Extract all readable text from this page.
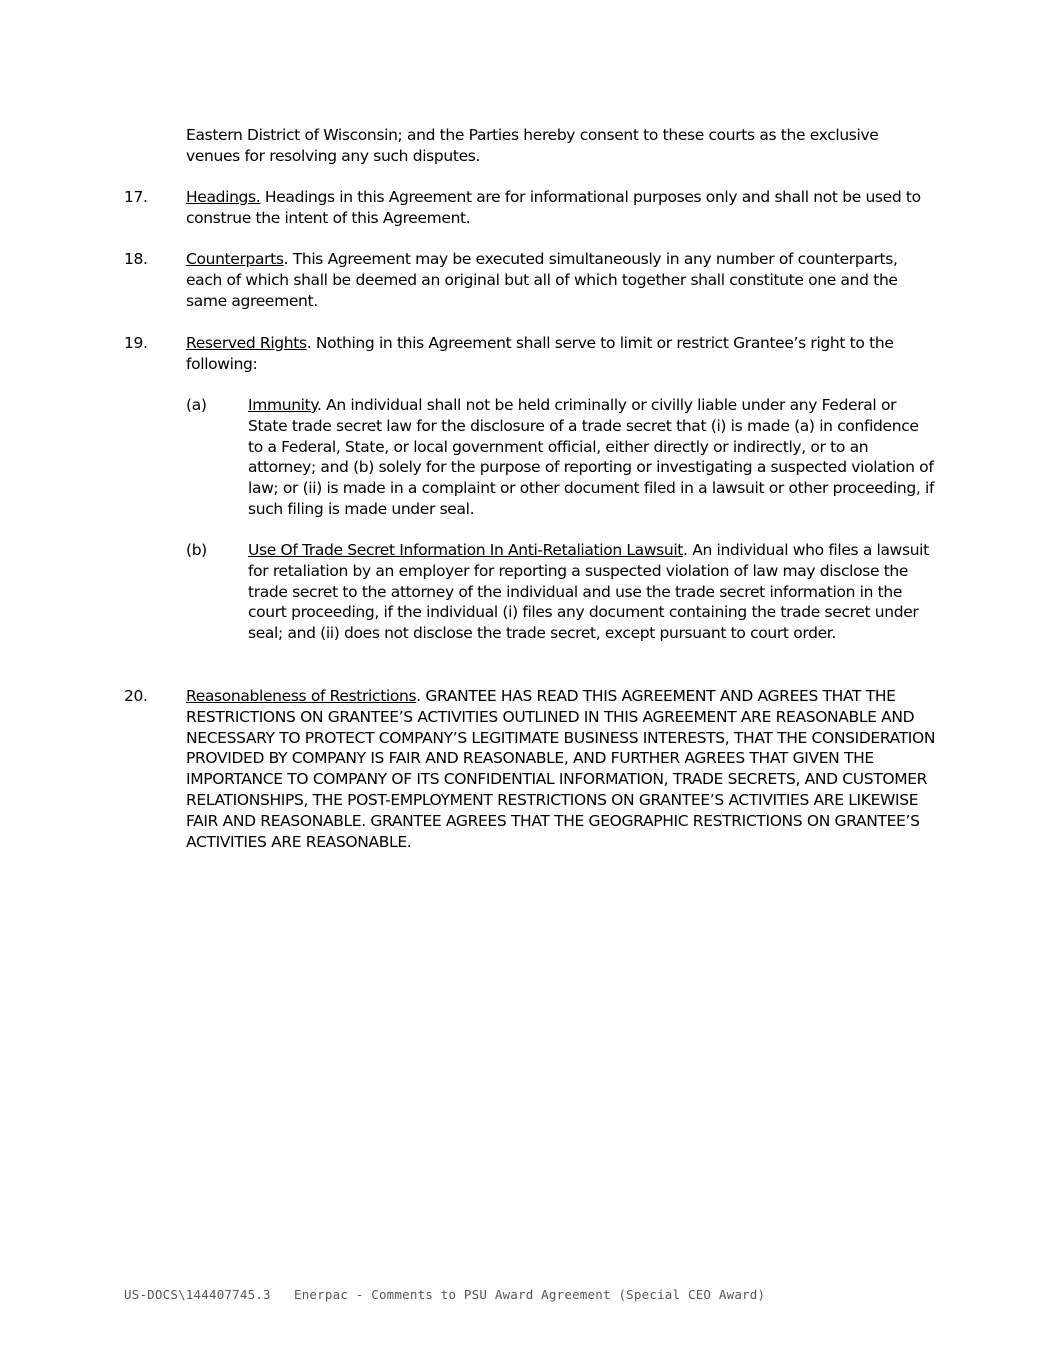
Eastern District of Wisconsin; and the Parties hereby consent to these courts as the exclusive venues for resolving any such disputes.

17. Headings. Headings in this Agreement are for informational purposes only and shall not be used to construe the intent of this Agreement.

18. Counterparts. This Agreement may be executed simultaneously in any number of counterparts, each of which shall be deemed an original but all of which together shall constitute one and the same agreement.

19. Reserved Rights. Nothing in this Agreement shall serve to limit or restrict Grantee’s right to the following:

(a)	Immunity. An individual shall not be held criminally or civilly liable under any Federal or State trade secret law for the disclosure of a trade secret that (i) is made (a) in confidence to a Federal, State, or local government official, either directly or indirectly, or to an attorney; and (b) solely for the purpose of reporting or investigating a suspected violation of law; or (ii) is made in a complaint or other document filed in a lawsuit or other proceeding, if such filing is made under seal.

(b)	Use Of Trade Secret Information In Anti-Retaliation Lawsuit. An individual who files a lawsuit for retaliation by an employer for reporting a suspected violation of law may disclose the trade secret to the attorney of the individual and use the trade secret information in the court proceeding, if the individual (i) files any document containing the trade secret under seal; and (ii) does not disclose the trade secret, except pursuant to court order.

20. Reasonableness of Restrictions. GRANTEE HAS READ THIS AGREEMENT AND AGREES THAT THE RESTRICTIONS ON GRANTEE’S ACTIVITIES OUTLINED IN THIS AGREEMENT ARE REASONABLE AND NECESSARY TO PROTECT COMPANY’S LEGITIMATE BUSINESS INTERESTS, THAT THE CONSIDERATION PROVIDED BY COMPANY IS FAIR AND REASONABLE, AND FURTHER AGREES THAT GIVEN THE IMPORTANCE TO COMPANY OF ITS CONFIDENTIAL INFORMATION, TRADE SECRETS, AND CUSTOMER RELATIONSHIPS, THE POST-EMPLOYMENT RESTRICTIONS ON GRANTEE’S ACTIVITIES ARE LIKEWISE FAIR AND REASONABLE. GRANTEE AGREES THAT THE GEOGRAPHIC RESTRICTIONS ON GRANTEE’S ACTIVITIES ARE REASONABLE.

US-DOCS\144407745.3   Enerpac - Comments to PSU Award Agreement (Special CEO Award)
